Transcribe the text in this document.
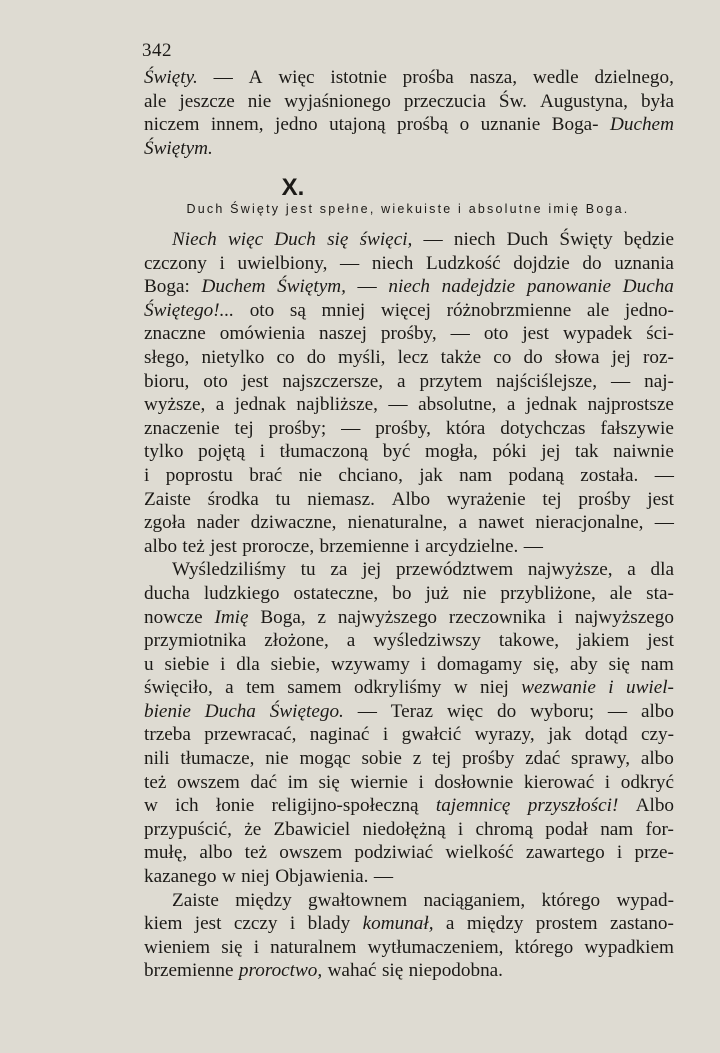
342
Święty. — A więc istotnie prośba nasza, wedle dzielnego,
ale jeszcze nie wyjaśnionego przeczucia Św. Augustyna, była
niczem innem, jedno utajoną prośbą o uznanie Boga- Duchem
Świętym.
X.
Duch Święty jest spełne, wiekuiste i absolutne imię Boga.
Niech więc Duch się święci, — niech Duch Święty będzie
czczony i uwielbiony, — niech Ludzkość dojdzie do uznania
Boga: Duchem Świętym, — niech nadejdzie panowanie Ducha
Świętego!... oto są mniej więcej różnobrzmienne ale jedno-
znaczne omówienia naszej prośby, — oto jest wypadek ści-
słego, nietylko co do myśli, lecz także co do słowa jej roz-
bioru, oto jest najszczersze, a przytem najściślejsze, — naj-
wyższe, a jednak najbliższe, — absolutne, a jednak najprostsze
znaczenie tej prośby; — prośby, która dotychczas fałszywie
tylko pojętą i tłumaczoną być mogła, póki jej tak naiwnie
i poprostu brać nie chciano, jak nam podaną została. —
Zaiste środka tu niemasz. Albo wyrażenie tej prośby jest
zgoła nader dziwaczne, nienaturalne, a nawet nieracjonalne, —
albo też jest prorocze, brzemienne i arcydzielne. —
Wyśledziliśmy tu za jej przewództwem najwyższe, a dla
ducha ludzkiego ostateczne, bo już nie przybliżone, ale sta-
nowcze Imię Boga, z najwyższego rzeczownika i najwyższego
przymiotnika złożone, a wyśledziwszy takowe, jakiem jest
u siebie i dla siebie, wzywamy i domagamy się, aby się nam
święciło, a tem samem odkryliśmy w niej wezwanie i uwiel-
bienie Ducha Świętego. — Teraz więc do wyboru; — albo
trzeba przewracać, naginać i gwałcić wyrazy, jak dotąd czy-
nili tłumacze, nie mogąc sobie z tej prośby zdać sprawy, albo
też owszem dać im się wiernie i dosłownie kierować i odkryć
w ich łonie religijno-społeczną tajemnicę przyszłości! Albo
przypuścić, że Zbawiciel niedołężną i chromą podał nam for-
mułę, albo też owszem podziwiać wielkość zawartego i prze-
kazanego w niej Objawienia. —
Zaiste między gwałtownem naciąganiem, którego wypad-
kiem jest czczy i blady komunał, a między prostem zastano-
wieniem się i naturalnem wytłumaczeniem, którego wypadkiem
brzemienne proroctwo, wahać się niepodobna.
